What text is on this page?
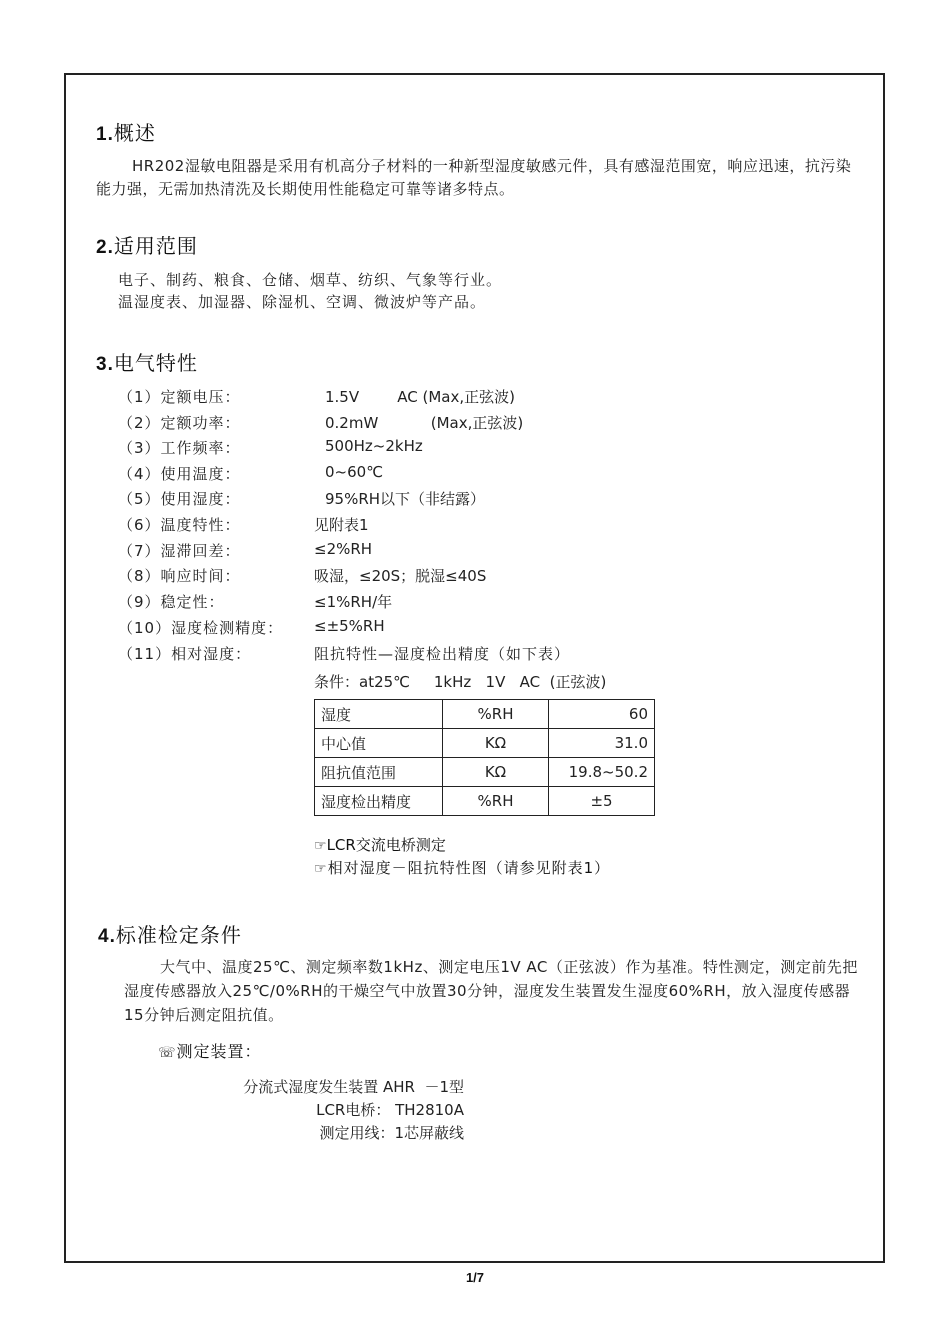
1.概述
HR202湿敏电阻器是采用有机高分子材料的一种新型湿度敏感元件，具有感湿范围宽，响应迅速，抗污染能力强，无需加热清洗及长期使用性能稳定可靠等诸多特点。
2.适用范围
电子、制药、粮食、仓储、烟草、纺织、气象等行业。
温湿度表、加湿器、除湿机、空调、微波炉等产品。
3.电气特性
（1）定额电压：	1.5V        AC (Max,正弦波)
（2）定额功率：	0.2mW           (Max,正弦波)
（3）工作频率：	500Hz~2kHz
（4）使用温度：	0~60℃
（5）使用湿度：	95%RH以下（非结露）
（6）温度特性：	见附表1
（7）湿滞回差：	≤2%RH
（8）响应时间：	吸湿，≤20S；脱湿≤40S
（9）稳定性：	≤1%RH/年
（10）湿度检测精度： ≤±5%RH
（11）相对湿度：	阻抗特性—湿度检出精度（如下表）
条件：at25℃     1kHz   1V   AC  (正弦波)
湿度	%RH	60
中心值	KΩ	31.0
阻抗值范围	KΩ	19.8~50.2
湿度检出精度	%RH	±5
☞LCR交流电桥测定
☞相对湿度－阻抗特性图（请参见附表1）
4.标准检定条件
大气中、温度25℃、测定频率数1kHz、测定电压1V AC（正弦波）作为基准。特性测定，测定前先把湿度传感器放入25℃/0%RH的干燥空气中放置30分钟，湿度发生装置发生湿度60%RH，放入湿度传感器15分钟后测定阻抗值。
☏测定装置：
分流式湿度发生装置 AHR  －1型
LCR电桥： TH2810A
测定用线：1芯屏蔽线
1/7
